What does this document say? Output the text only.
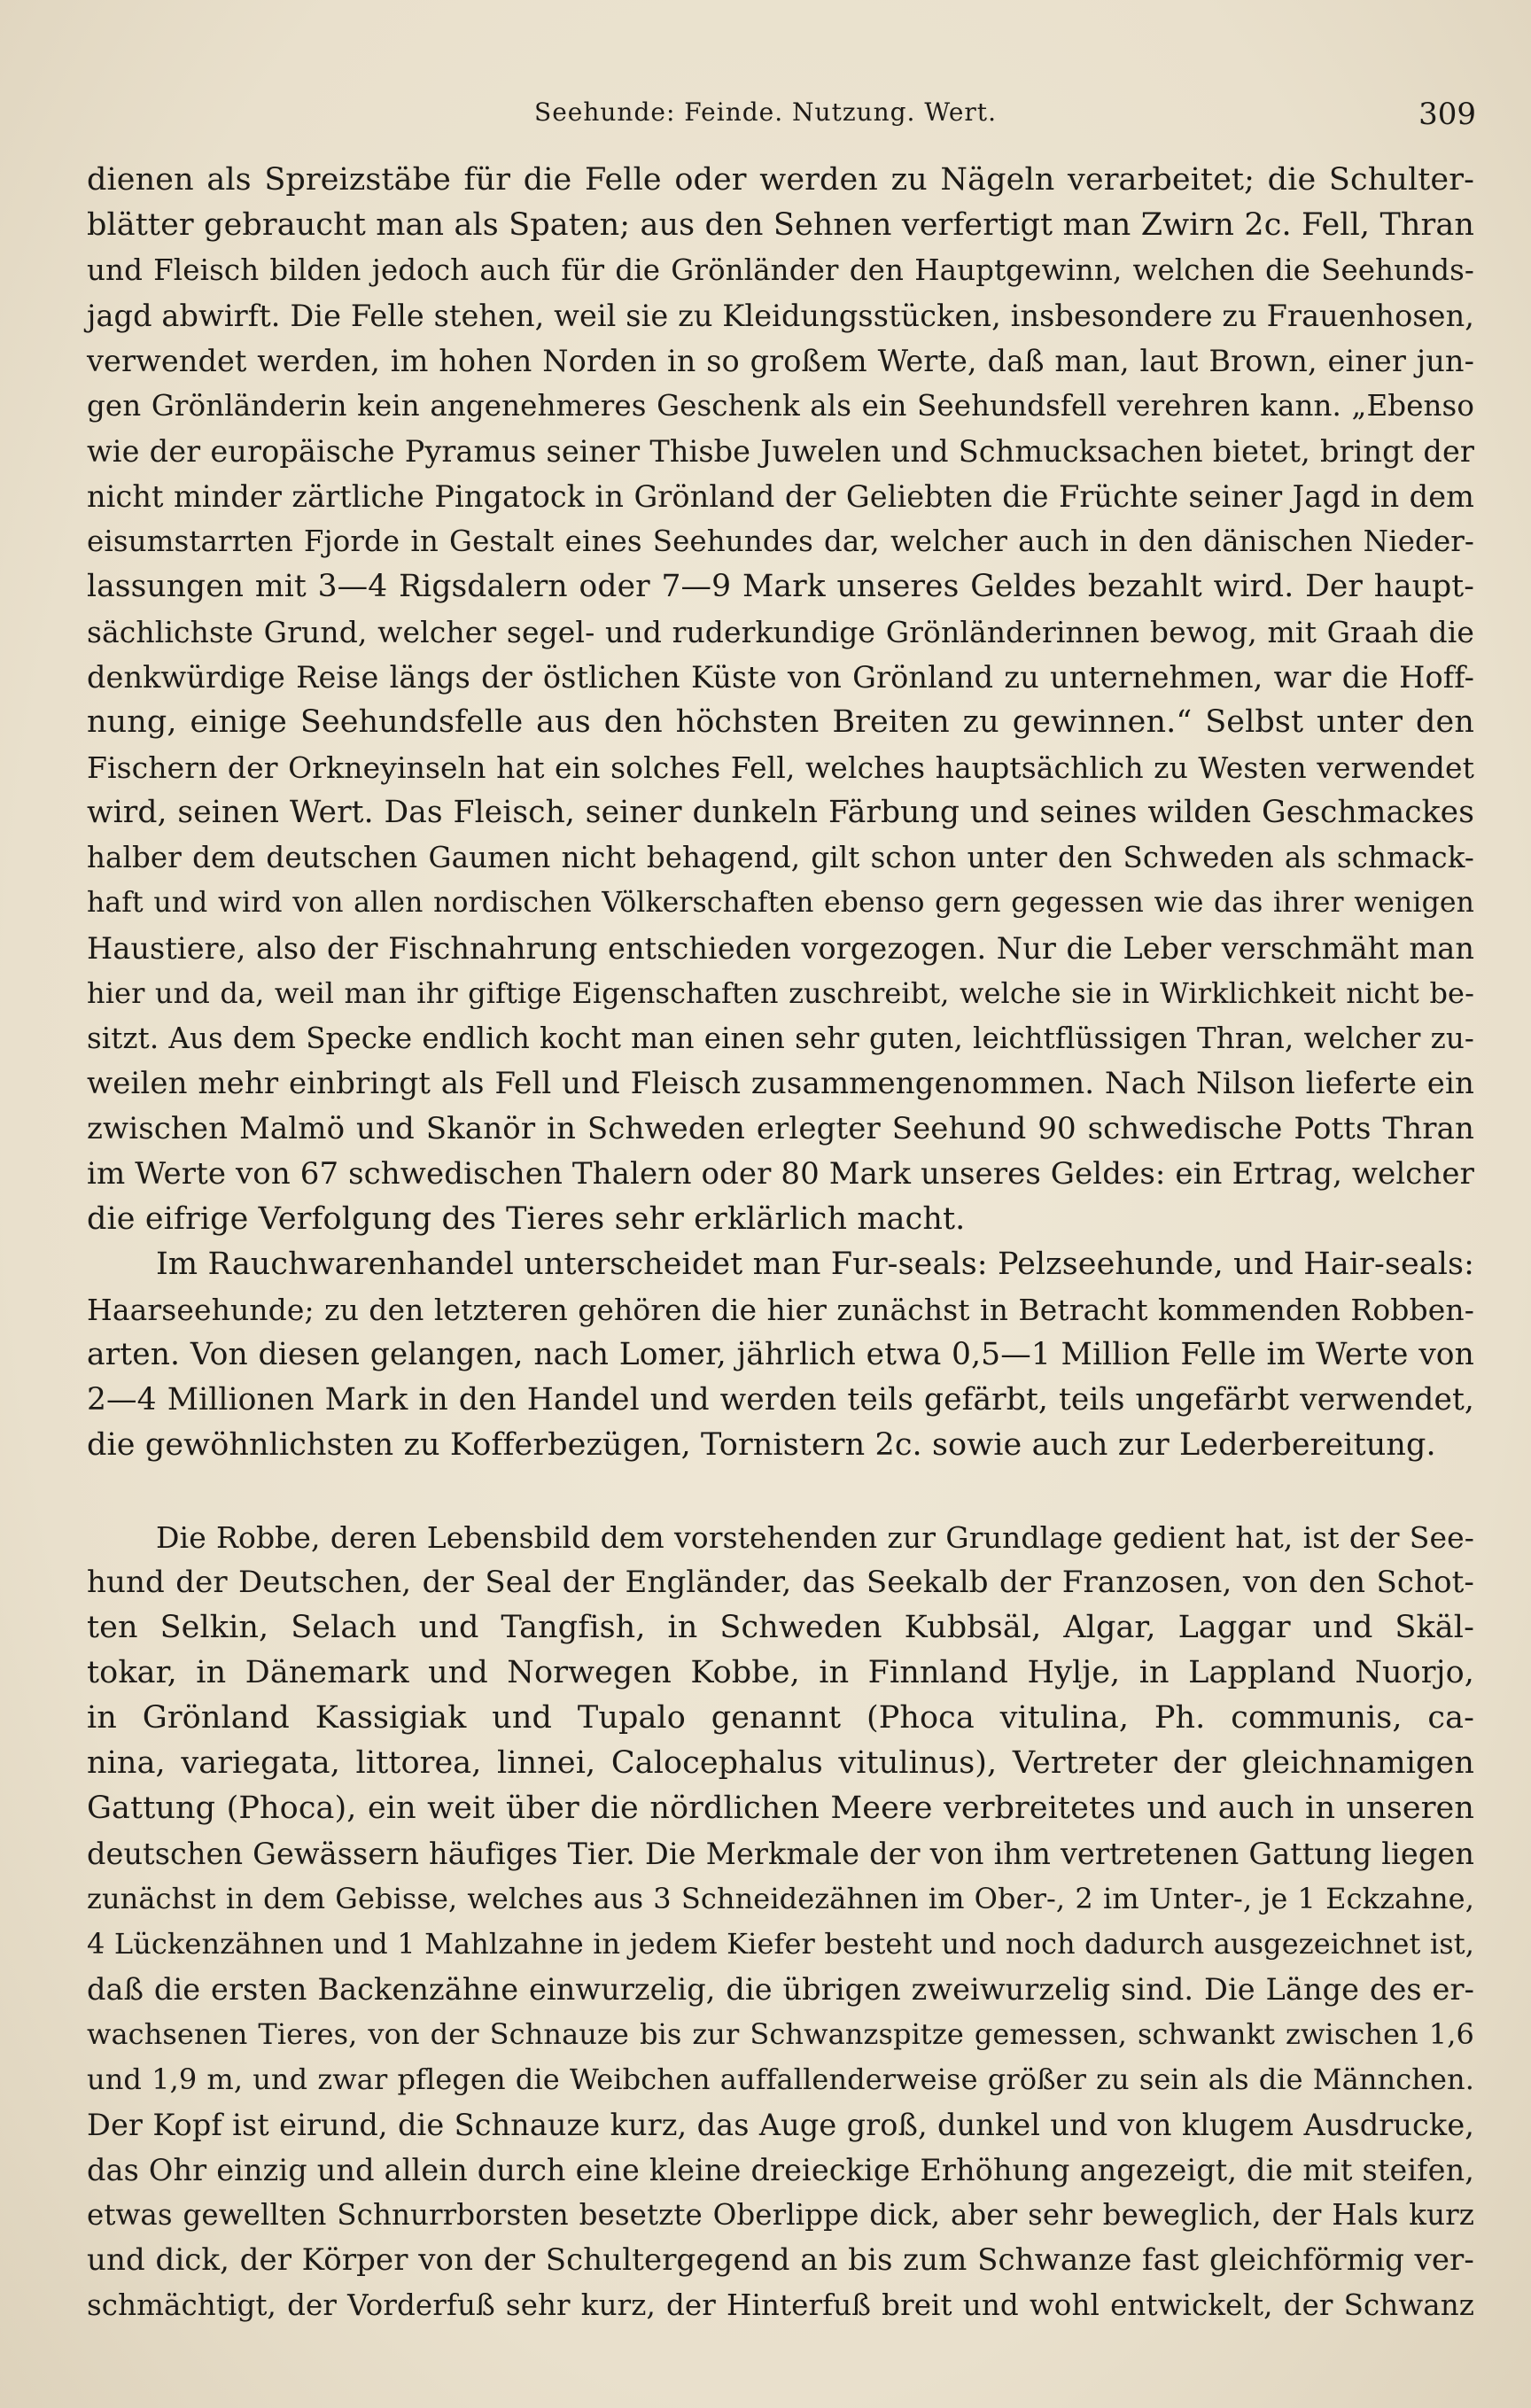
Seehunde: Feinde. Nutzung. Wert.	309
dienen als Spreizstäbe für die Felle oder werden zu Nägeln verarbeitet; die Schulter-
blätter gebraucht man als Spaten; aus den Sehnen verfertigt man Zwirn 2c. Fell, Thran
und Fleisch bilden jedoch auch für die Grönländer den Hauptgewinn, welchen die Seehunds-
jagd abwirft. Die Felle stehen, weil sie zu Kleidungsstücken, insbesondere zu Frauenhosen,
verwendet werden, im hohen Norden in so großem Werte, daß man, laut Brown, einer jun-
gen Grönländerin kein angenehmeres Geschenk als ein Seehundsfell verehren kann. „Ebenso
wie der europäische Pyramus seiner Thisbe Juwelen und Schmucksachen bietet, bringt der
nicht minder zärtliche Pingatock in Grönland der Geliebten die Früchte seiner Jagd in dem
eisumstarrten Fjorde in Gestalt eines Seehundes dar, welcher auch in den dänischen Nieder-
lassungen mit 3—4 Rigsdalern oder 7—9 Mark unseres Geldes bezahlt wird. Der haupt-
sächlichste Grund, welcher segel- und ruderkundige Grönländerinnen bewog, mit Graah die
denkwürdige Reise längs der östlichen Küste von Grönland zu unternehmen, war die Hoff-
nung, einige Seehundsfelle aus den höchsten Breiten zu gewinnen.“ Selbst unter den
Fischern der Orkneyinseln hat ein solches Fell, welches hauptsächlich zu Westen verwendet
wird, seinen Wert. Das Fleisch, seiner dunkeln Färbung und seines wilden Geschmackes
halber dem deutschen Gaumen nicht behagend, gilt schon unter den Schweden als schmack-
haft und wird von allen nordischen Völkerschaften ebenso gern gegessen wie das ihrer wenigen
Haustiere, also der Fischnahrung entschieden vorgezogen. Nur die Leber verschmäht man
hier und da, weil man ihr giftige Eigenschaften zuschreibt, welche sie in Wirklichkeit nicht be-
sitzt. Aus dem Specke endlich kocht man einen sehr guten, leichtflüssigen Thran, welcher zu-
weilen mehr einbringt als Fell und Fleisch zusammengenommen. Nach Nilson lieferte ein
zwischen Malmö und Skanör in Schweden erlegter Seehund 90 schwedische Potts Thran
im Werte von 67 schwedischen Thalern oder 80 Mark unseres Geldes: ein Ertrag, welcher
die eifrige Verfolgung des Tieres sehr erklärlich macht.
Im Rauchwarenhandel unterscheidet man Fur-seals: Pelzseehunde, und Hair-seals:
Haarseehunde; zu den letzteren gehören die hier zunächst in Betracht kommenden Robben-
arten. Von diesen gelangen, nach Lomer, jährlich etwa 0,5—1 Million Felle im Werte von
2—4 Millionen Mark in den Handel und werden teils gefärbt, teils ungefärbt verwendet,
die gewöhnlichsten zu Kofferbezügen, Tornistern 2c. sowie auch zur Lederbereitung.
Die Robbe, deren Lebensbild dem vorstehenden zur Grundlage gedient hat, ist der See-
hund der Deutschen, der Seal der Engländer, das Seekalb der Franzosen, von den Schot-
ten Selkin, Selach und Tangfish, in Schweden Kubbsäl, Algar, Laggar und Skäl-
tokar, in Dänemark und Norwegen Kobbe, in Finnland Hylje, in Lappland Nuorjo,
in Grönland Kassigiak und Tupalo genannt (Phoca vitulina, Ph. communis, ca-
nina, variegata, littorea, linnei, Calocephalus vitulinus), Vertreter der gleichnamigen
Gattung (Phoca), ein weit über die nördlichen Meere verbreitetes und auch in unseren
deutschen Gewässern häufiges Tier. Die Merkmale der von ihm vertretenen Gattung liegen
zunächst in dem Gebisse, welches aus 3 Schneidezähnen im Ober-, 2 im Unter-, je 1 Eckzahne,
4 Lückenzähnen und 1 Mahlzahne in jedem Kiefer besteht und noch dadurch ausgezeichnet ist,
daß die ersten Backenzähne einwurzelig, die übrigen zweiwurzelig sind. Die Länge des er-
wachsenen Tieres, von der Schnauze bis zur Schwanzspitze gemessen, schwankt zwischen 1,6
und 1,9 m, und zwar pflegen die Weibchen auffallenderweise größer zu sein als die Männchen.
Der Kopf ist eirund, die Schnauze kurz, das Auge groß, dunkel und von klugem Ausdrucke,
das Ohr einzig und allein durch eine kleine dreieckige Erhöhung angezeigt, die mit steifen,
etwas gewellten Schnurrborsten besetzte Oberlippe dick, aber sehr beweglich, der Hals kurz
und dick, der Körper von der Schultergegend an bis zum Schwanze fast gleichförmig ver-
schmächtigt, der Vorderfuß sehr kurz, der Hinterfuß breit und wohl entwickelt, der Schwanz
